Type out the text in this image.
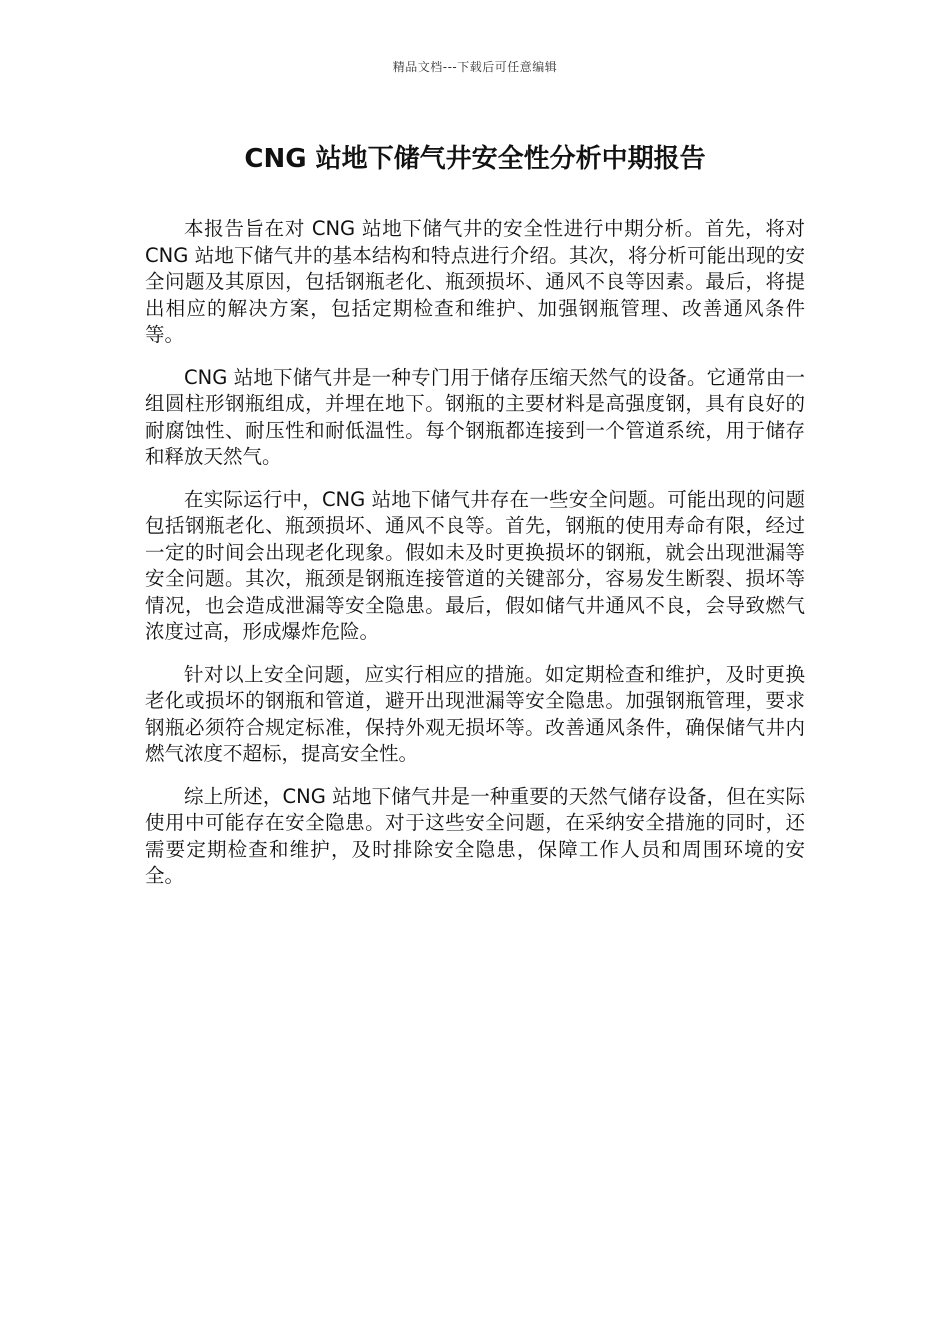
精品文档---下载后可任意编辑
CNG 站地下储气井安全性分析中期报告

本报告旨在对 CNG 站地下储气井的安全性进行中期分析。首先，将对 CNG 站地下储气井的基本结构和特点进行介绍。其次，将分析可能出现的安全问题及其原因，包括钢瓶老化、瓶颈损坏、通风不良等因素。最后，将提出相应的解决方案，包括定期检查和维护、加强钢瓶管理、改善通风条件等。

CNG 站地下储气井是一种专门用于储存压缩天然气的设备。它通常由一组圆柱形钢瓶组成，并埋在地下。钢瓶的主要材料是高强度钢，具有良好的耐腐蚀性、耐压性和耐低温性。每个钢瓶都连接到一个管道系统，用于储存和释放天然气。

在实际运行中，CNG 站地下储气井存在一些安全问题。可能出现的问题包括钢瓶老化、瓶颈损坏、通风不良等。首先，钢瓶的使用寿命有限，经过一定的时间会出现老化现象。假如未及时更换损坏的钢瓶，就会出现泄漏等安全问题。其次，瓶颈是钢瓶连接管道的关键部分，容易发生断裂、损坏等情况，也会造成泄漏等安全隐患。最后，假如储气井通风不良，会导致燃气浓度过高，形成爆炸危险。

针对以上安全问题，应实行相应的措施。如定期检查和维护，及时更换老化或损坏的钢瓶和管道，避开出现泄漏等安全隐患。加强钢瓶管理，要求钢瓶必须符合规定标准，保持外观无损坏等。改善通风条件，确保储气井内燃气浓度不超标，提高安全性。

综上所述，CNG 站地下储气井是一种重要的天然气储存设备，但在实际使用中可能存在安全隐患。对于这些安全问题，在采纳安全措施的同时，还需要定期检查和维护，及时排除安全隐患，保障工作人员和周围环境的安全。
